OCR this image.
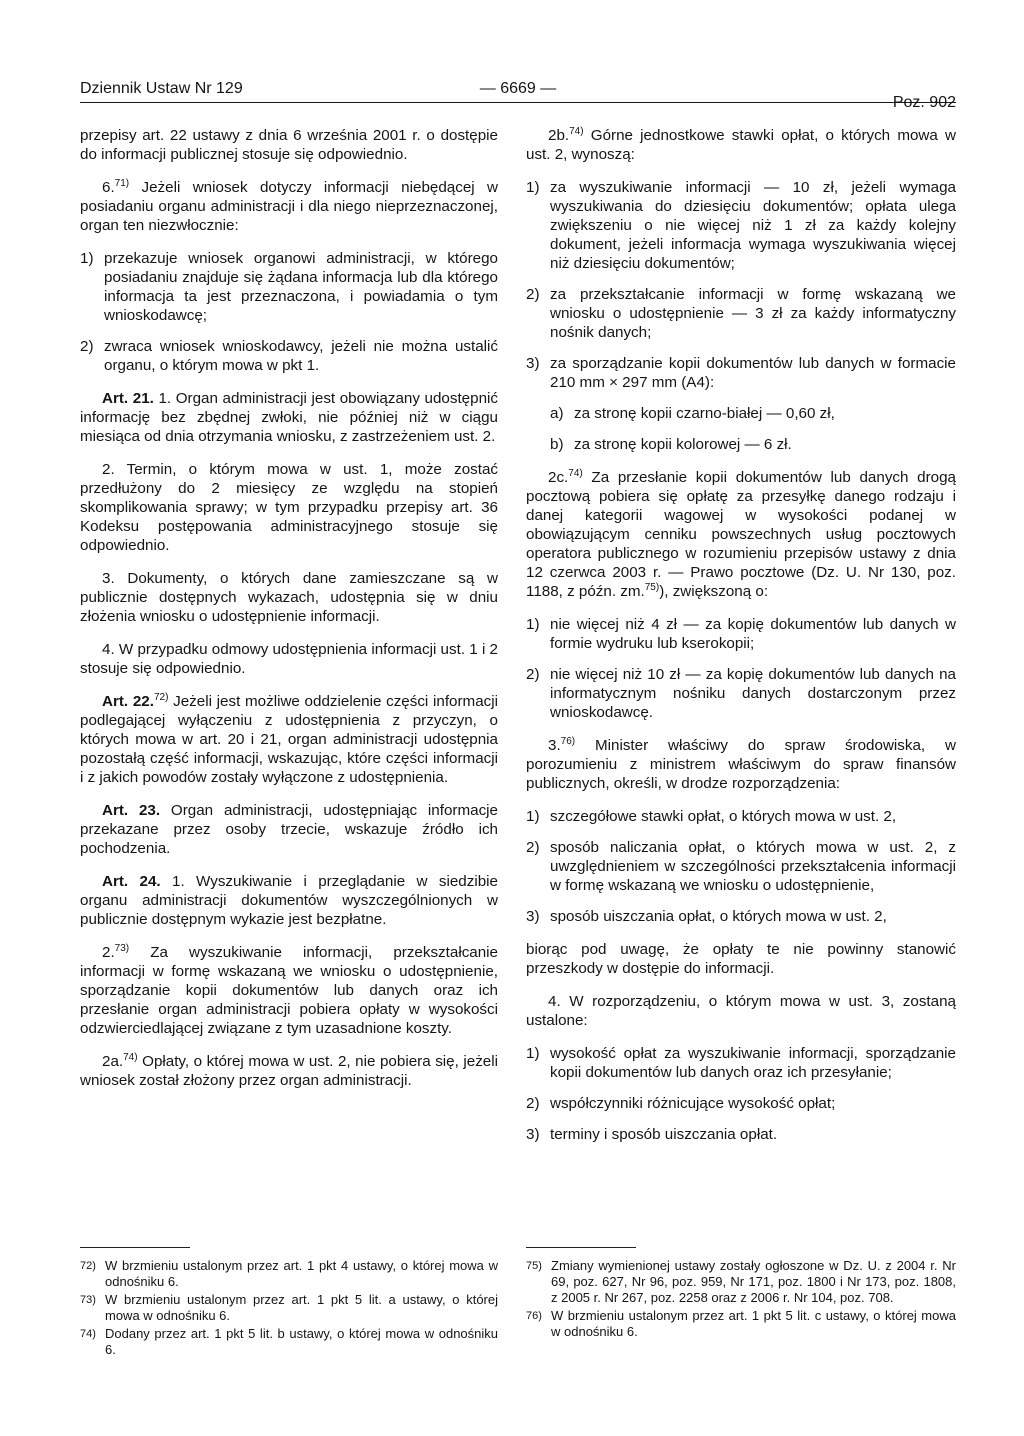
Dziennik Ustaw Nr 129	— 6669 —
Poz. 902

przepisy art. 22 ustawy z dnia 6 września 2001 r. o dostępie do informacji publicznej stosuje się odpowiednio.

6.$^{71)}$ Jeżeli wniosek dotyczy informacji niebędącej w posiadaniu organu administracji i dla niego nieprzeznaczonej, organ ten niezwłocznie:

1) przekazuje wniosek organowi administracji, w którego posiadaniu znajduje się żądana informacja lub dla którego informacja ta jest przeznaczona, i powiadamia o tym wnioskodawcę;
2) zwraca wniosek wnioskodawcy, jeżeli nie można ustalić organu, o którym mowa w pkt 1.

Art. 21. 1. Organ administracji jest obowiązany udostępnić informację bez zbędnej zwłoki, nie później niż w ciągu miesiąca od dnia otrzymania wniosku, z zastrzeżeniem ust. 2.

2. Termin, o którym mowa w ust. 1, może zostać przedłużony do 2 miesięcy ze względu na stopień skomplikowania sprawy; w tym przypadku przepisy art. 36 Kodeksu postępowania administracyjnego stosuje się odpowiednio.

3. Dokumenty, o których dane zamieszczane są w publicznie dostępnych wykazach, udostępnia się w dniu złożenia wniosku o udostępnienie informacji.

4. W przypadku odmowy udostępnienia informacji ust. 1 i 2 stosuje się odpowiednio.

Art. 22.$^{72)}$ Jeżeli jest możliwe oddzielenie części informacji podlegającej wyłączeniu z udostępnienia z przyczyn, o których mowa w art. 20 i 21, organ administracji udostępnia pozostałą część informacji, wskazując, które części informacji i z jakich powodów zostały wyłączone z udostępnienia.

Art. 23. Organ administracji, udostępniając informacje przekazane przez osoby trzecie, wskazuje źródło ich pochodzenia.

Art. 24. 1. Wyszukiwanie i przeglądanie w siedzibie organu administracji dokumentów wyszczególnionych w publicznie dostępnym wykazie jest bezpłatne.

2.$^{73)}$ Za wyszukiwanie informacji, przekształcanie informacji w formę wskazaną we wniosku o udostępnienie, sporządzanie kopii dokumentów lub danych oraz ich przesłanie organ administracji pobiera opłaty w wysokości odzwierciedlającej związane z tym uzasadnione koszty.

2a.$^{74)}$ Opłaty, o której mowa w ust. 2, nie pobiera się, jeżeli wniosek został złożony przez organ administracji.

2b.$^{74)}$ Górne jednostkowe stawki opłat, o których mowa w ust. 2, wynoszą:

1) za wyszukiwanie informacji — 10 zł, jeżeli wymaga wyszukiwania do dziesięciu dokumentów; opłata ulega zwiększeniu o nie więcej niż 1 zł za każdy kolejny dokument, jeżeli informacja wymaga wyszukiwania więcej niż dziesięciu dokumentów;
2) za przekształcanie informacji w formę wskazaną we wniosku o udostępnienie — 3 zł za każdy informatyczny nośnik danych;
3) za sporządzanie kopii dokumentów lub danych w formacie 210 mm × 297 mm (A4):
a) za stronę kopii czarno-białej — 0,60 zł,
b) za stronę kopii kolorowej — 6 zł.

2c.$^{74)}$ Za przesłanie kopii dokumentów lub danych drogą pocztową pobiera się opłatę za przesyłkę danego rodzaju i danej kategorii wagowej w wysokości podanej w obowiązującym cenniku powszechnych usług pocztowych operatora publicznego w rozumieniu przepisów ustawy z dnia 12 czerwca 2003 r. — Prawo pocztowe (Dz. U. Nr 130, poz. 1188, z późn. zm.$^{75)}$), zwiększoną o:

1) nie więcej niż 4 zł — za kopię dokumentów lub danych w formie wydruku lub kserokopii;
2) nie więcej niż 10 zł — za kopię dokumentów lub danych na informatycznym nośniku danych dostarczonym przez wnioskodawcę.

3.$^{76)}$ Minister właściwy do spraw środowiska, w porozumieniu z ministrem właściwym do spraw finansów publicznych, określi, w drodze rozporządzenia:

1) szczegółowe stawki opłat, o których mowa w ust. 2,
2) sposób naliczania opłat, o których mowa w ust. 2, z uwzględnieniem w szczególności przekształcenia informacji w formę wskazaną we wniosku o udostępnienie,
3) sposób uiszczania opłat, o których mowa w ust. 2,

biorąc pod uwagę, że opłaty te nie powinny stanowić przeszkody w dostępie do informacji.

4. W rozporządzeniu, o którym mowa w ust. 3, zostaną ustalone:

1) wysokość opłat za wyszukiwanie informacji, sporządzanie kopii dokumentów lub danych oraz ich przesyłanie;
2) współczynniki różnicujące wysokość opłat;
3) terminy i sposób uiszczania opłat.
72) W brzmieniu ustalonym przez art. 1 pkt 4 ustawy, o której mowa w odnośniku 6.
73) W brzmieniu ustalonym przez art. 1 pkt 5 lit. a ustawy, o której mowa w odnośniku 6.
74) Dodany przez art. 1 pkt 5 lit. b ustawy, o której mowa w odnośniku 6.
75) Zmiany wymienionej ustawy zostały ogłoszone w Dz. U. z 2004 r. Nr 69, poz. 627, Nr 96, poz. 959, Nr 171, poz. 1800 i Nr 173, poz. 1808, z 2005 r. Nr 267, poz. 2258 oraz z 2006 r. Nr 104, poz. 708.
76) W brzmieniu ustalonym przez art. 1 pkt 5 lit. c ustawy, o której mowa w odnośniku 6.
